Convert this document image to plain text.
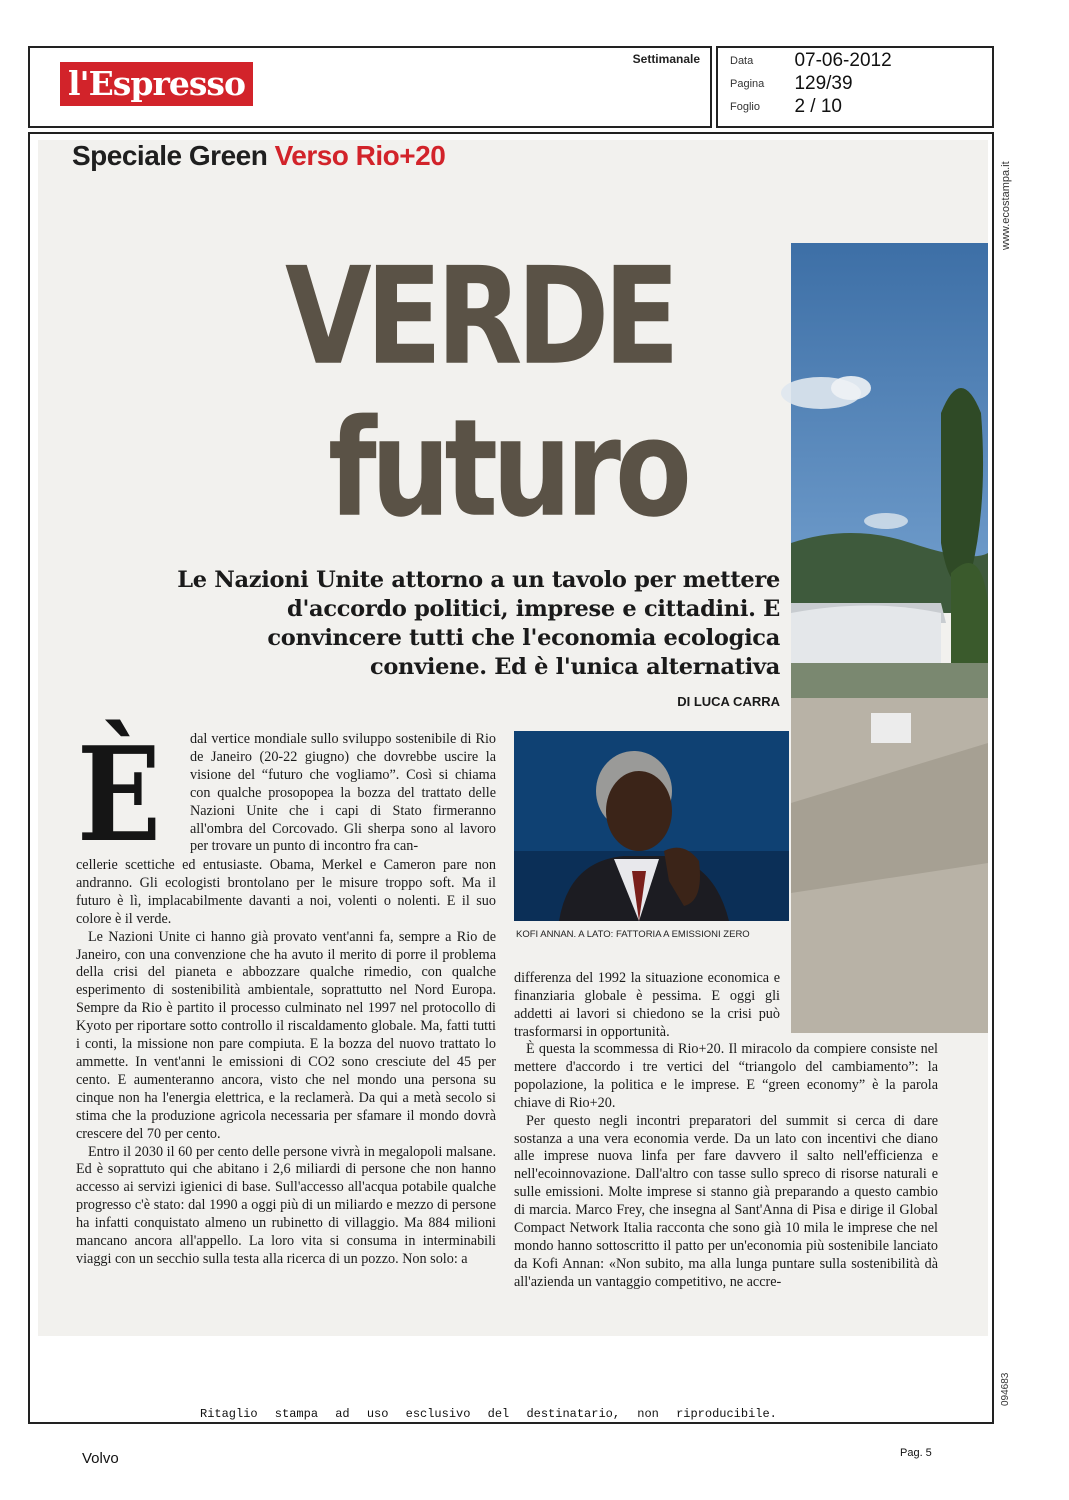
Settimanale
l'Espresso
Data 07-06-2012
Pagina 129/39
Foglio 2 / 10
Speciale Green Verso Rio+20
VERDE
futuro
Le Nazioni Unite attorno a un tavolo per mettere d'accordo politici, imprese e cittadini. E convincere tutti che l'economia ecologica conviene. Ed è l'unica alternativa
DI LUCA CARRA
KOFI ANNAN. A LATO: FATTORIA A EMISSIONI ZERO
È dal vertice mondiale sullo sviluppo sostenibile di Rio de Janeiro (20-22 giugno) che dovrebbe uscire la visione del “futuro che vogliamo”. Così si chiama con qualche prosopopea la bozza del trattato delle Nazioni Unite che i capi di Stato firmeranno all'ombra del Corcovado. Gli sherpa sono al lavoro per trovare un punto di incontro fra can-

cellerie scettiche ed entusiaste. Obama, Merkel e Cameron pare non andranno. Gli ecologisti brontolano per le misure troppo soft. Ma il futuro è lì, implacabilmente davanti a noi, volenti o nolenti. E il suo colore è il verde.

Le Nazioni Unite ci hanno già provato vent'anni fa, sempre a Rio de Janeiro, con una convenzione che ha avuto il merito di porre il problema della crisi del pianeta e abbozzare qualche rimedio, con qualche esperimento di sostenibilità ambientale, soprattutto nel Nord Europa. Sempre da Rio è partito il processo culminato nel 1997 nel protocollo di Kyoto per riportare sotto controllo il riscaldamento globale. Ma, fatti tutti i conti, la missione non pare compiuta. E la bozza del nuovo trattato lo ammette. In vent'anni le emissioni di CO2 sono cresciute del 45 per cento. E aumenteranno ancora, visto che nel mondo una persona su cinque non ha l'energia elettrica, e la reclamerà. Da qui a metà secolo si stima che la produzione agricola necessaria per sfamare il mondo dovrà crescere del 70 per cento.

Entro il 2030 il 60 per cento delle persone vivrà in megalopoli malsane. Ed è soprattuto qui che abitano i 2,6 miliardi di persone che non hanno accesso ai servizi igienici di base. Sull'accesso all'acqua potabile qualche progresso c'è stato: dal 1990 a oggi più di un miliardo e mezzo di persone ha infatti conquistato almeno un rubinetto di villaggio. Ma 884 milioni mancano ancora all'appello. La loro vita si consuma in interminabili viaggi con un secchio sulla testa alla ricerca di un pozzo. Non solo: a

differenza del 1992 la situazione economica e finanziaria globale è pessima. E oggi gli addetti ai lavori si chiedono se la crisi può trasformarsi in opportunità.

È questa la scommessa di Rio+20. Il miracolo da compiere consiste nel mettere d'accordo i tre vertici del “triangolo del cambiamento”: la popolazione, la politica e le imprese. E “green economy” è la parola chiave di Rio+20.

Per questo negli incontri preparatori del summit si cerca di dare sostanza a una vera economia verde. Da un lato con incentivi che diano alle imprese nuova linfa per fare davvero il salto nell'efficienza e nell'ecoinnovazione. Dall'altro con tasse sullo spreco di risorse naturali e sulle emissioni. Molte imprese si stanno già preparando a questo cambio di marcia. Marco Frey, che insegna al Sant'Anna di Pisa e dirige il Global Compact Network Italia racconta che sono già 10 mila le imprese che nel mondo hanno sottoscritto il patto per un'economia più sostenibile lanciato da Kofi Annan: «Non subito, ma alla lunga puntare sulla sostenibilità dà all'azienda un vantaggio competitivo, ne accre-

www.ecostampa.it
094683
Ritaglio stampa ad uso esclusivo del destinatario, non riproducibile.
Volvo	Pag. 5
